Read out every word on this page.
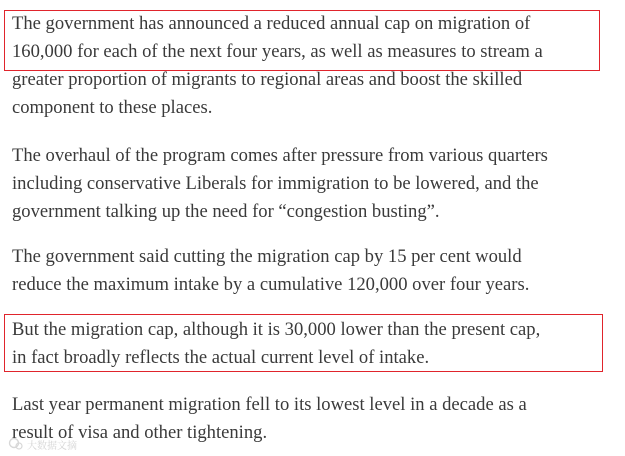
The government has announced a reduced annual cap on migration of
160,000 for each of the next four years, as well as measures to stream a
greater proportion of migrants to regional areas and boost the skilled
component to these places.

The overhaul of the program comes after pressure from various quarters
including conservative Liberals for immigration to be lowered, and the
government talking up the need for “congestion busting”.

The government said cutting the migration cap by 15 per cent would
reduce the maximum intake by a cumulative 120,000 over four years.

But the migration cap, although it is 30,000 lower than the present cap,
in fact broadly reflects the actual current level of intake.

Last year permanent migration fell to its lowest level in a decade as a
result of visa and other tightening.

大数据文摘
